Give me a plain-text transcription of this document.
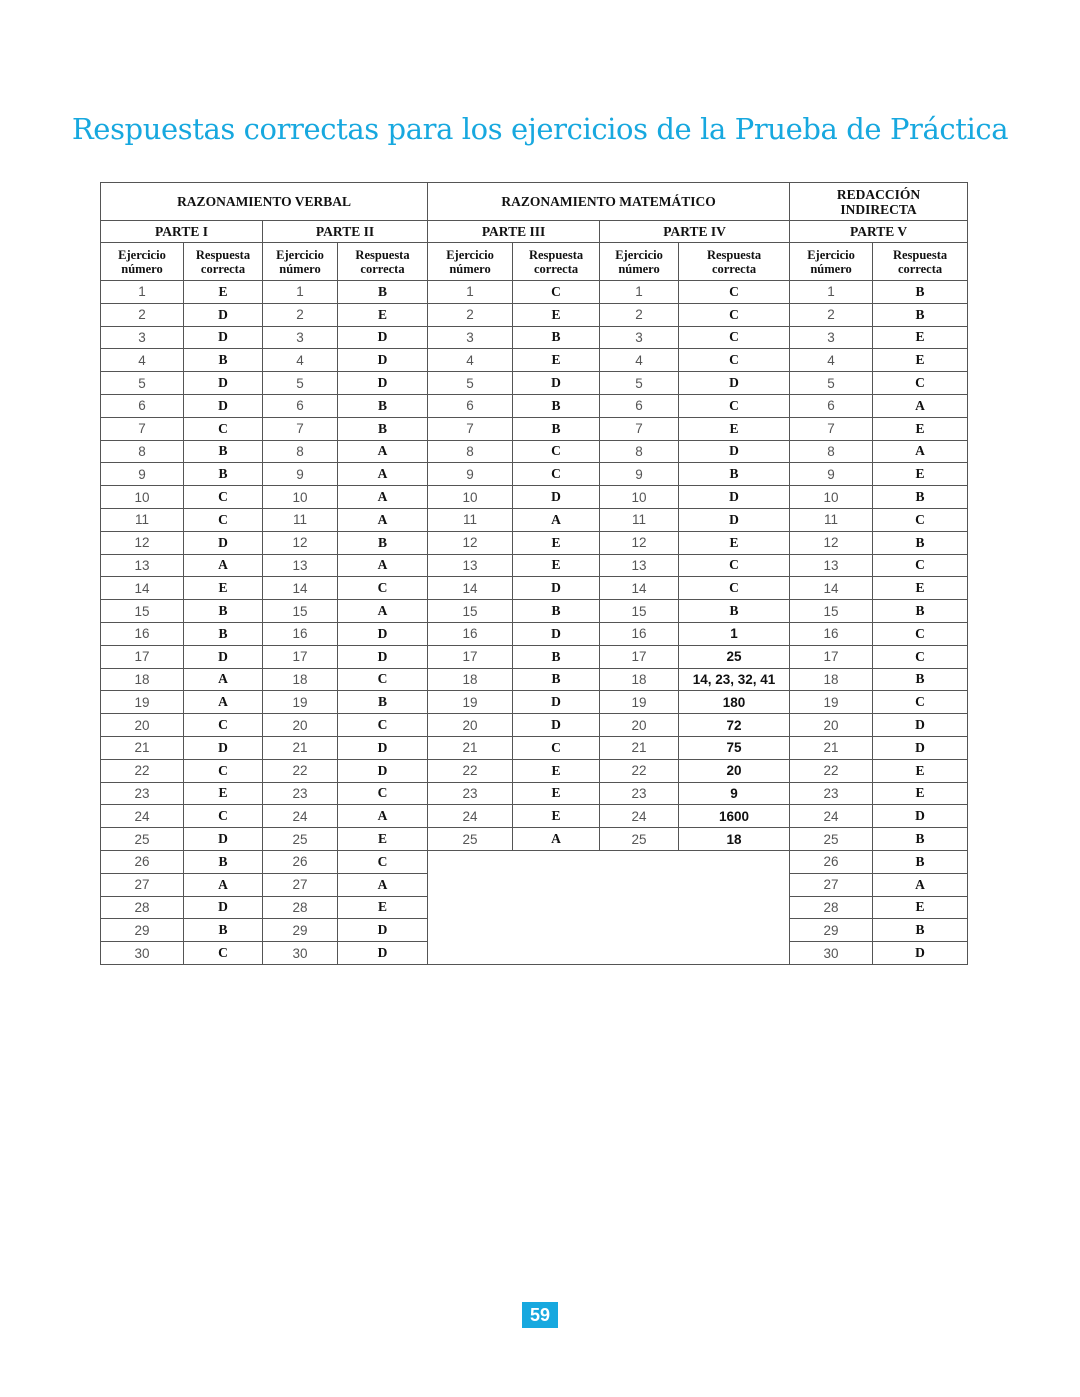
Respuestas correctas para los ejercicios de la Prueba de Práctica
RAZONAMIENTO VERBAL				RAZONAMIENTO MATEMÁTICO				REDACCIÓN
INDIRECTA	
PARTE I		PARTE II		PARTE III		PARTE IV		PARTE V	
Ejercicio
número	Respuesta
correcta	Ejercicio
número	Respuesta
correcta	Ejercicio
número	Respuesta
correcta	Ejercicio
número	Respuesta
correcta	Ejercicio
número	Respuesta
correcta
1	E	1	B	1	C	1	C	1	B
2	D	2	E	2	E	2	C	2	B
3	D	3	D	3	B	3	C	3	E
4	B	4	D	4	E	4	C	4	E
5	D	5	D	5	D	5	D	5	C
6	D	6	B	6	B	6	C	6	A
7	C	7	B	7	B	7	E	7	E
8	B	8	A	8	C	8	D	8	A
9	B	9	A	9	C	9	B	9	E
10	C	10	A	10	D	10	D	10	B
11	C	11	A	11	A	11	D	11	C
12	D	12	B	12	E	12	E	12	B
13	A	13	A	13	E	13	C	13	C
14	E	14	C	14	D	14	C	14	E
15	B	15	A	15	B	15	B	15	B
16	B	16	D	16	D	16	1	16	C
17	D	17	D	17	B	17	25	17	C
18	A	18	C	18	B	18	14, 23, 32, 41	18	B
19	A	19	B	19	D	19	180	19	C
20	C	20	C	20	D	20	72	20	D
21	D	21	D	21	C	21	75	21	D
22	C	22	D	22	E	22	20	22	E
23	E	23	C	23	E	23	9	23	E
24	C	24	A	24	E	24	1600	24	D
25	D	25	E	25	A	25	18	25	B
26	B	26	C					26	B
27	A	27	A					27	A
28	D	28	E					28	E
29	B	29	D					29	B
30	C	30	D					30	D
59
